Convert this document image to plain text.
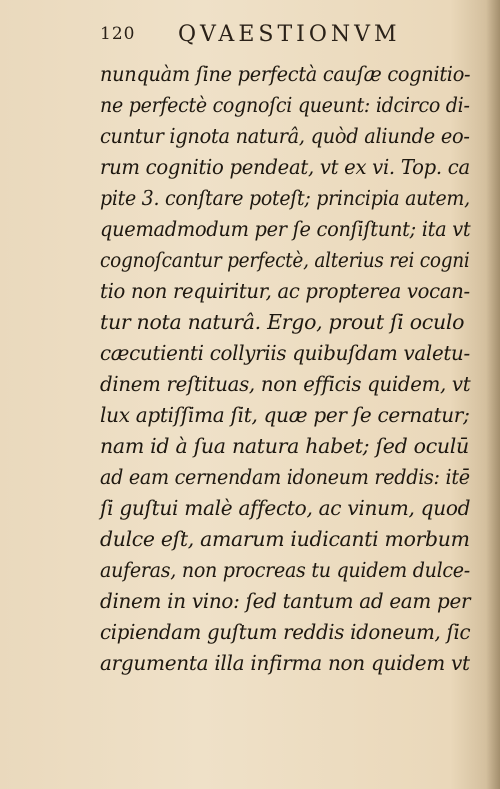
120 QVAESTIONVM
nunquàm ſine perfectà cauſæ cognitio-
ne perfectè cognoſci queunt: idcirco di-
cuntur ignota naturâ, quòd aliunde eo-
rum cognitio pendeat, vt ex vi. Top. ca
pite 3. conſtare poteſt; principia autem,
quemadmodum per ſe conſiſtunt; ita vt
cognoſcantur perfectè, alterius rei cogni
tio non requiritur, ac propterea vocan-
tur nota naturâ. Ergo, prout ſi oculo
cæcutienti collyriis quibuſdam valetu-
dinem reſtituas, non efficis quidem, vt
lux aptiſſima ſit, quæ per ſe cernatur;
nam id à ſua natura habet; ſed oculū
ad eam cernendam idoneum reddis: itē
ſi guſtui malè affecto, ac vinum, quod
dulce eſt, amarum iudicanti morbum
auferas, non procreas tu quidem dulce-
dinem in vino: ſed tantum ad eam per
cipiendam guſtum reddis idoneum, ſic
argumenta illa infirma non quidem vt
